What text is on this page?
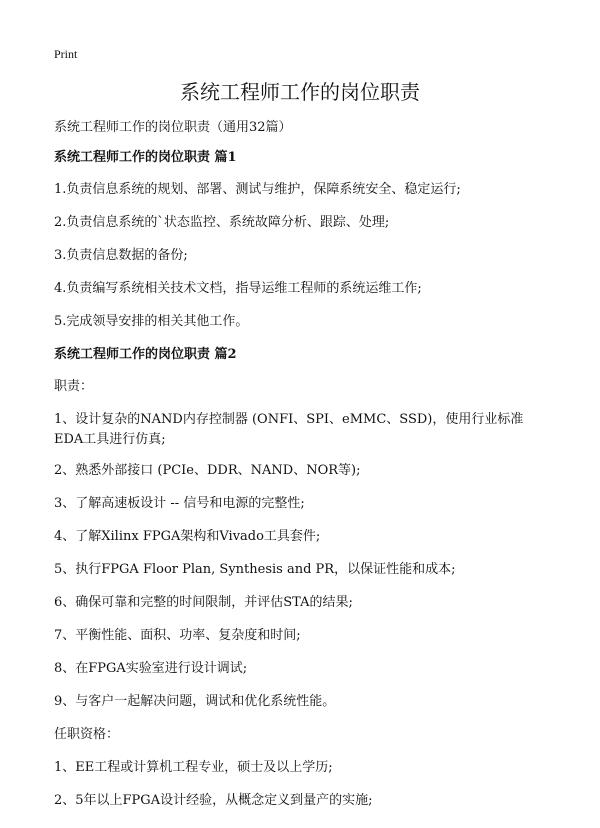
Print
系统工程师工作的岗位职责
系统工程师工作的岗位职责（通用32篇）
系统工程师工作的岗位职责 篇1
1.负责信息系统的规划、部署、测试与维护，保障系统安全、稳定运行;
2.负责信息系统的`状态监控、系统故障分析、跟踪、处理;
3.负责信息数据的备份;
4.负责编写系统相关技术文档，指导运维工程师的系统运维工作;
5.完成领导安排的相关其他工作。
系统工程师工作的岗位职责 篇2
职责：
1、设计复杂的NAND内存控制器 (ONFI、SPI、eMMC、SSD)，使用行业标准EDA工具进行仿真;
2、熟悉外部接口 (PCIe、DDR、NAND、NOR等);
3、了解高速板设计 -- 信号和电源的完整性;
4、了解Xilinx FPGA架构和Vivado工具套件;
5、执行FPGA Floor Plan, Synthesis and PR，以保证性能和成本;
6、确保可靠和完整的时间限制，并评估STA的结果;
7、平衡性能、面积、功率、复杂度和时间;
8、在FPGA实验室进行设计调试;
9、与客户一起解决问题，调试和优化系统性能。
任职资格：
1、EE工程或计算机工程专业，硕士及以上学历;
2、5年以上FPGA设计经验，从概念定义到量产的实施;
